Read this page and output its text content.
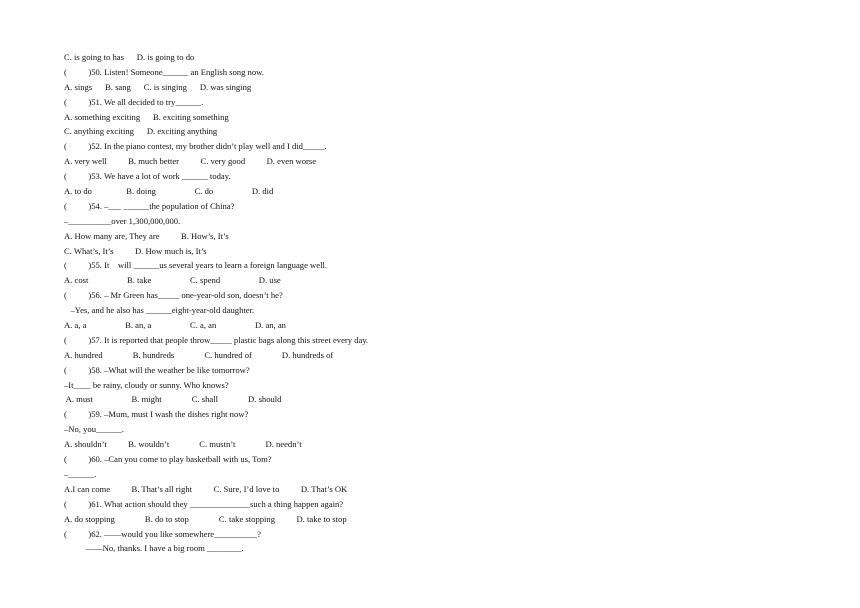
C. is going to has      D. is going to do
(          )50. Listen! Someone______ an English song now.
A. sings      B. sang      C. is singing      D. was singing
(          )51. We all decided to try______.
A. something exciting      B. exciting something
C. anything exciting      D. exciting anything
(          )52. In the piano contest, my brother didn’t play well and I did_____.
A. very well          B. much better          C. very good          D. even worse
(          )53. We have a lot of work ______ today.
A. to do                B. doing                  C. do                  D. did
(          )54. –___ ______the population of China?
–__________over 1,300,000,000.
A. How many are, They are          B. How’s, It’s
C. What’s, It’s          D. How much is, It’s
(          )55. It    will ______us several years to learn a foreign language well.
A. cost                  B. take                  C. spend                  D. use
(          )56. – Mr Green has_____ one-year-old son, doesn’t he?
–Yes, and he also has ______eight-year-old daughter.
A. a, a                  B. an, a                  C. a, an                  D. an, an
(          )57. It is reported that people throw_____ plastic bags along this street every day.
A. hundred              B. hundreds              C. hundred of              D. hundreds of
(          )58. –What will the weather be like tomorrow?
–It____ be rainy, cloudy or sunny. Who knows?
A. must                  B. might              C. shall              D. should
(          )59. –Mum, must I wash the dishes right now?
–No, you______.
A. shouldn’t          B. wouldn’t              C. mustn’t              D. needn’t
(          )60. –Can you come to play basketball with us, Tom?
–______.
A.I can come          B. That’s all right          C. Sure, I’d love to          D. That’s OK
(          )61. What action should they ______________such a thing happen again?
A. do stopping              B. do to stop              C. take stopping          D. take to stop
(          )62. ——would you like somewhere__________?
——No, thanks. I have a big room ________.
